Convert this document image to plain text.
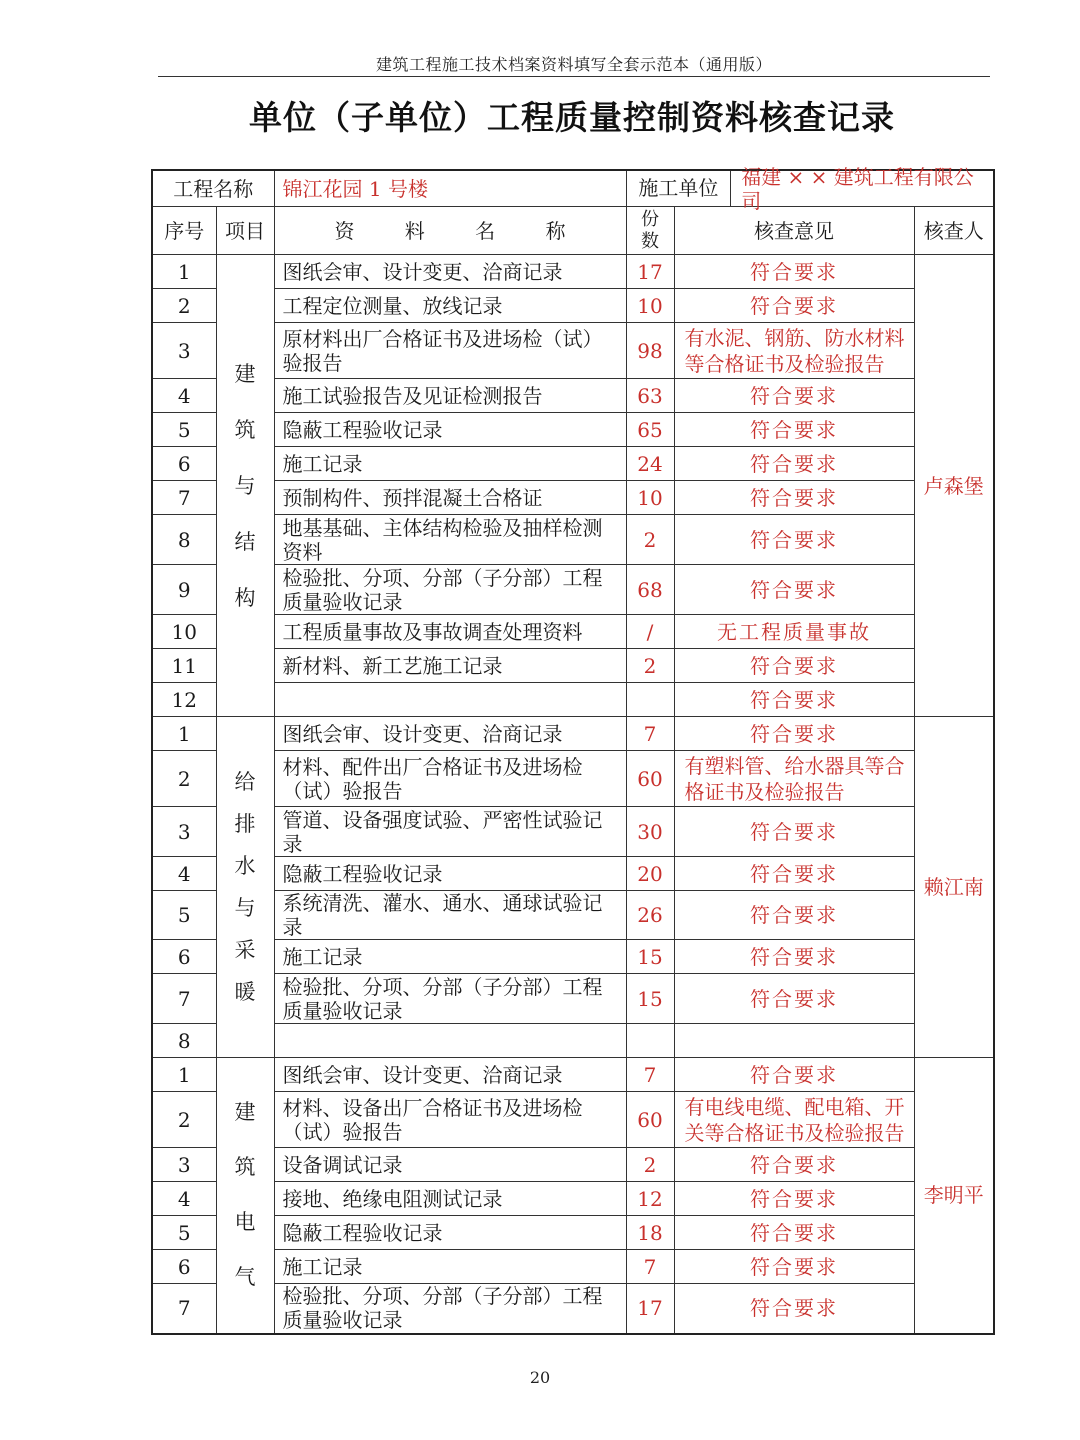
建筑工程施工技术档案资料填写全套示范本（通用版）
单位（子单位）工程质量控制资料核查记录
工程名称		锦江花园 1 号楼	施工单位 福建 × × 建筑工程有限公司		

序号	项目	资 料 名 称	份数	核查意见	核查人
1	建筑与结构	图纸会审、设计变更、洽商记录	17	符合要求	卢森堡
2		工程定位测量、放线记录	10	符合要求	
3		原材料出厂合格证书及进场检（试）验报告	98	有水泥、钢筋、防水材料等合格证书及检验报告	
4		施工试验报告及见证检测报告	63	符合要求	
5		隐蔽工程验收记录	65	符合要求	
6		施工记录	24	符合要求	
7		预制构件、预拌混凝土合格证	10	符合要求	
8		地基基础、主体结构检验及抽样检测资料	2	符合要求	
9		检验批、分项、分部（子分部）工程质量验收记录	68	符合要求	
10		工程质量事故及事故调查处理资料	/	无工程质量事故	
11		新材料、新工艺施工记录	2	符合要求	
12				符合要求	
1	给排水与采暖	图纸会审、设计变更、洽商记录	7	符合要求	赖江南
2		材料、配件出厂合格证书及进场检（试）验报告	60	有塑料管、给水器具等合格证书及检验报告	
3		管道、设备强度试验、严密性试验记录	30	符合要求	
4		隐蔽工程验收记录	20	符合要求	
5		系统清洗、灌水、通水、通球试验记录	26	符合要求	
6		施工记录	15	符合要求	
7		检验批、分项、分部（子分部）工程质量验收记录	15	符合要求	
8					
1	建筑电气	图纸会审、设计变更、洽商记录	7	符合要求	李明平
2		材料、设备出厂合格证书及进场检（试）验报告	60	有电线电缆、配电箱、开关等合格证书及检验报告	
3		设备调试记录	2	符合要求	
4		接地、绝缘电阻测试记录	12	符合要求	
5		隐蔽工程验收记录	18	符合要求	
6		施工记录	7	符合要求	
7		检验批、分项、分部（子分部）工程质量验收记录	17	符合要求	
20
